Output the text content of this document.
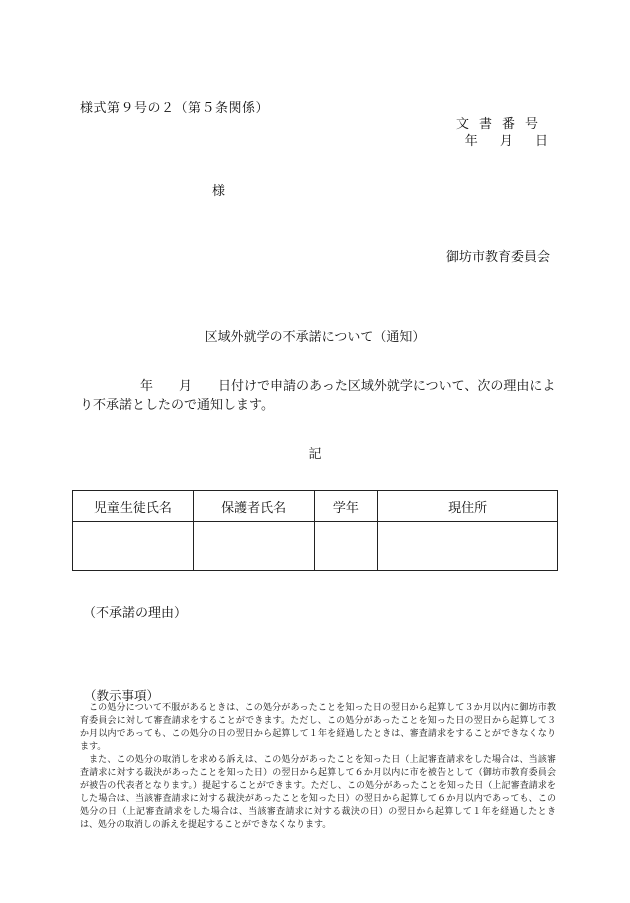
様式第９号の２（第５条関係）
文書番号
年 月 日
様
御坊市教育委員会
区域外就学の不承諾について（通知）
年 月 日付けで申請のあった区域外就学について、次の理由により不承諾としたので通知します。
記
児童生徒氏名	保護者氏名	学年	現住所

（不承諾の理由）
（教示事項）

この処分について不服があるときは、この処分があったことを知った日の翌日から起算して３か月以内に御坊市教育委員会に対して審査請求をすることができます。ただし、この処分があったことを知った日の翌日から起算して３か月以内であっても、この処分の日の翌日から起算して１年を経過したときは、審査請求をすることができなくなります。

また、この処分の取消しを求める訴えは、この処分があったことを知った日（上記審査請求をした場合は、当該審査請求に対する裁決があったことを知った日）の翌日から起算して６か月以内に市を被告として（御坊市教育委員会が被告の代表者となります。）提起することができます。ただし、この処分があったことを知った日（上記審査請求をした場合は、当該審査請求に対する裁決があったことを知った日）の翌日から起算して６か月以内であっても、この処分の日（上記審査請求をした場合は、当該審査請求に対する裁決の日）の翌日から起算して１年を経過したときは、処分の取消しの訴えを提起することができなくなります。
